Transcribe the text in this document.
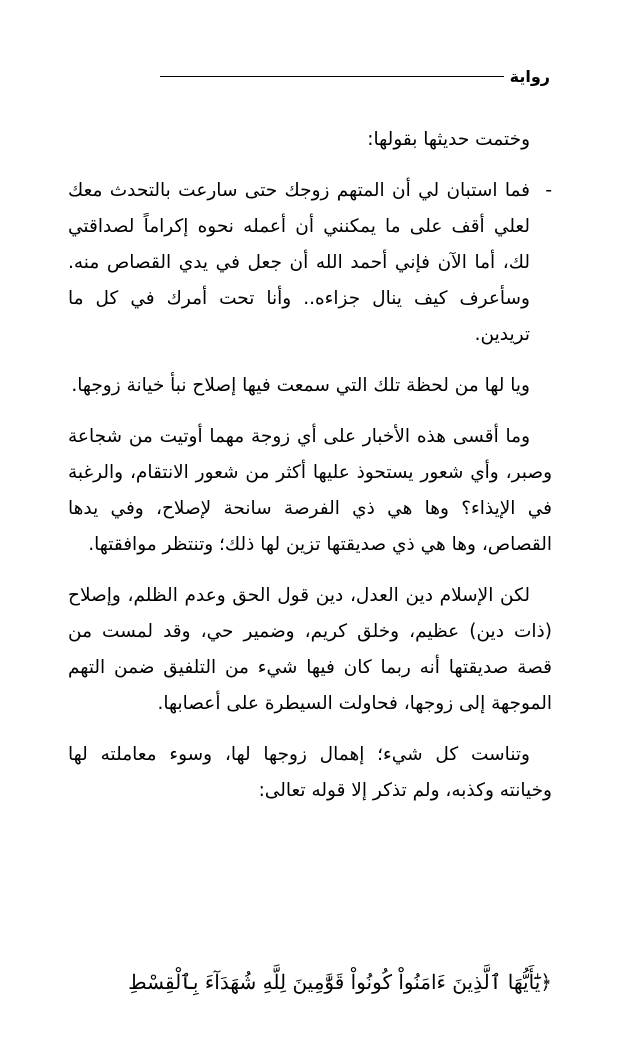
رواية

وختمت حديثها بقولها:

-
فما استبان لي أن المتهم زوجك حتى سارعت بالتحدث معك لعلي أقف على ما يمكنني أن أعمله نحوه إكراماً لصداقتي لك، أما الآن فإني أحمد الله أن جعل في يدي القصاص منه. وسأعرف كيف ينال جزاءه.. وأنا تحت أمرك في كل ما تريدين.

ويا لها من لحظة تلك التي سمعت فيها إصلاح نبأ خيانة زوجها.

وما أقسى هذه الأخبار على أي زوجة مهما أوتيت من شجاعة وصبر، وأي شعور يستحوذ عليها أكثر من شعور الانتقام، والرغبة في الإيذاء؟ وها هي ذي الفرصة سانحة لإصلاح، وفي يدها القصاص، وها هي ذي صديقتها تزين لها ذلك؛ وتنتظر موافقتها.

لكن الإسلام دين العدل، دين قول الحق وعدم الظلم، وإصلاح (ذات دين) عظيم، وخلق كريم، وضمير حي، وقد لمست من قصة صديقتها أنه ربما كان فيها شيء من التلفيق ضمن التهم الموجهة إلى زوجها، فحاولت السيطرة على أعصابها.

وتناست كل شيء؛ إهمال زوجها لها، وسوء معاملته لها وخيانته وكذبه، ولم تذكر إلا قوله تعالى:

﴿يَٰٓأَيُّهَا ٱلَّذِينَ ءَامَنُواْ كُونُواْ قَوَّٰمِينَ لِلَّهِ شُهَدَآءَ بِٱلْقِسْطِ
